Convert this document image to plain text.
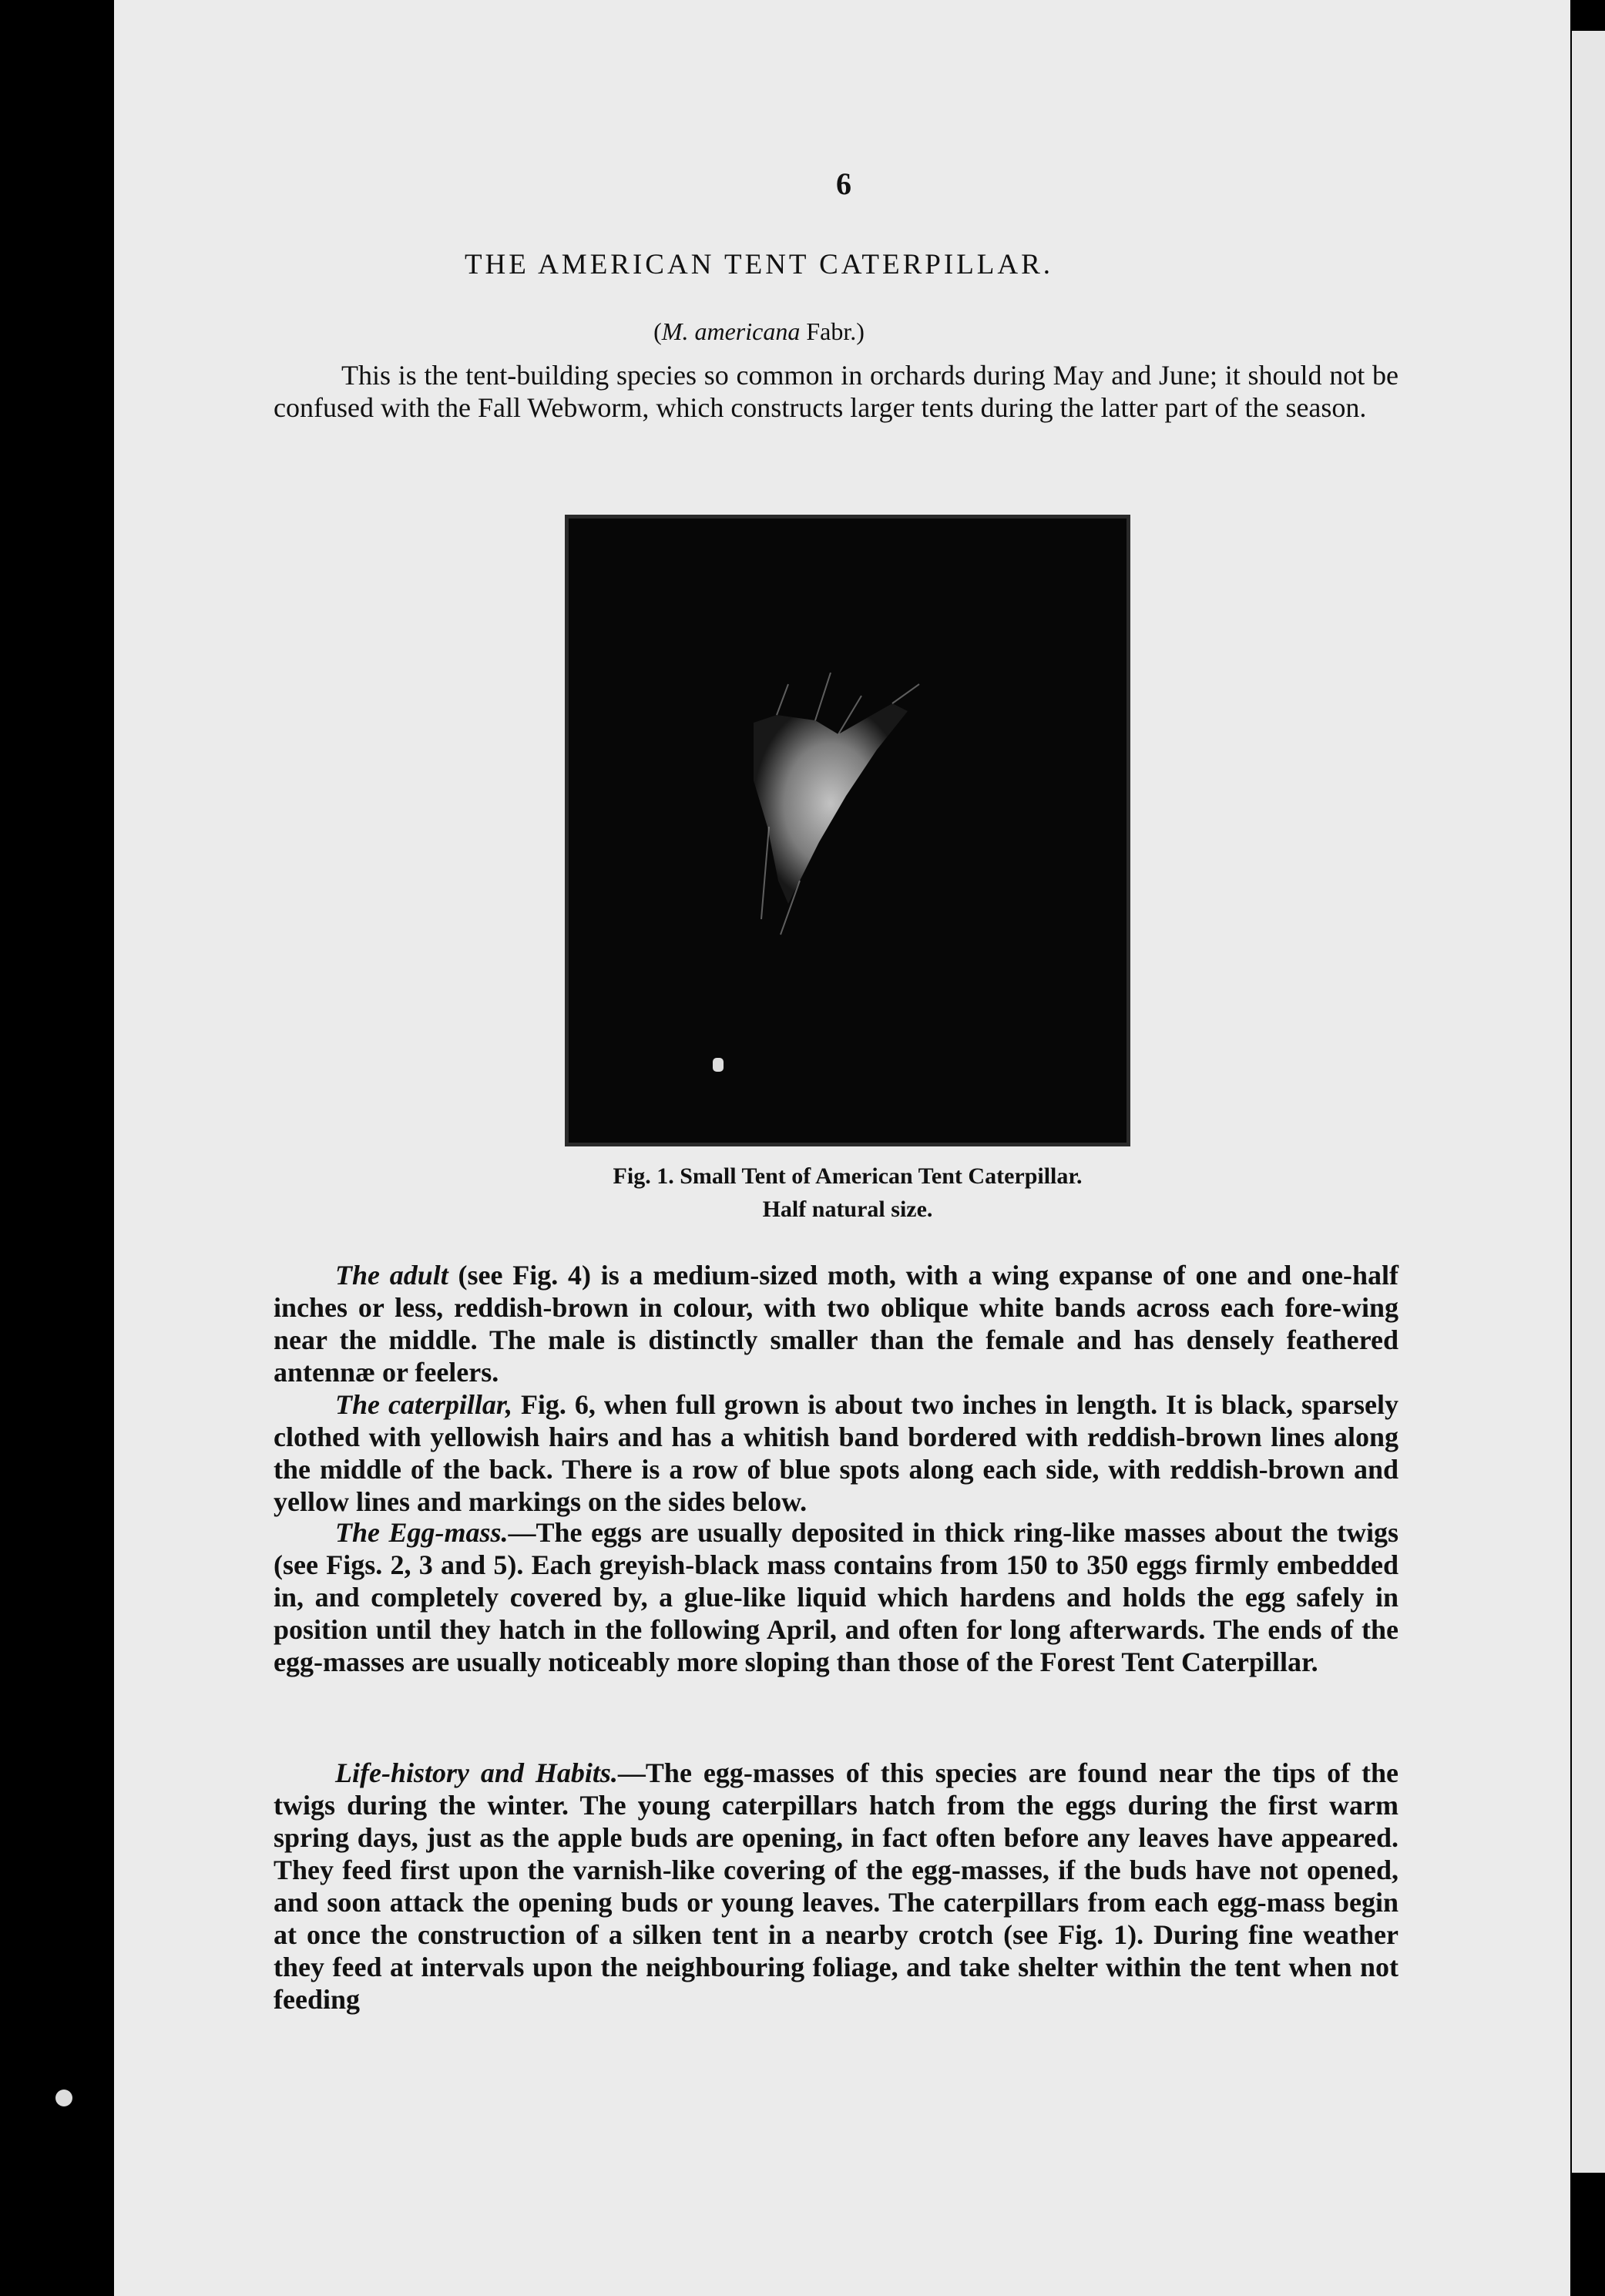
6
THE AMERICAN TENT CATERPILLAR.
(M. americana Fabr.)
This is the tent-building species so common in orchards during May and June; it should not be confused with the Fall Webworm, which constructs larger tents during the latter part of the season.
Fig. 1. Small Tent of American Tent Caterpillar.
Half natural size.
The adult (see Fig. 4) is a medium-sized moth, with a wing expanse of one and one-half inches or less, reddish-brown in colour, with two oblique white bands across each fore-wing near the middle. The male is distinctly smaller than the female and has densely feathered antennæ or feelers.
The caterpillar, Fig. 6, when full grown is about two inches in length. It is black, sparsely clothed with yellowish hairs and has a whitish band bordered with reddish-brown lines along the middle of the back. There is a row of blue spots along each side, with reddish-brown and yellow lines and markings on the sides below.
The Egg-mass.—The eggs are usually deposited in thick ring-like masses about the twigs (see Figs. 2, 3 and 5). Each greyish-black mass contains from 150 to 350 eggs firmly embedded in, and completely covered by, a glue-like liquid which hardens and holds the egg safely in position until they hatch in the following April, and often for long afterwards. The ends of the egg-masses are usually noticeably more sloping than those of the Forest Tent Caterpillar.
Life-history and Habits.—The egg-masses of this species are found near the tips of the twigs during the winter. The young caterpillars hatch from the eggs during the first warm spring days, just as the apple buds are opening, in fact often before any leaves have appeared. They feed first upon the varnish-like covering of the egg-masses, if the buds have not opened, and soon attack the opening buds or young leaves. The caterpillars from each egg-mass begin at once the construction of a silken tent in a nearby crotch (see Fig. 1). During fine weather they feed at intervals upon the neighbouring foliage, and take shelter within the tent when not feeding
